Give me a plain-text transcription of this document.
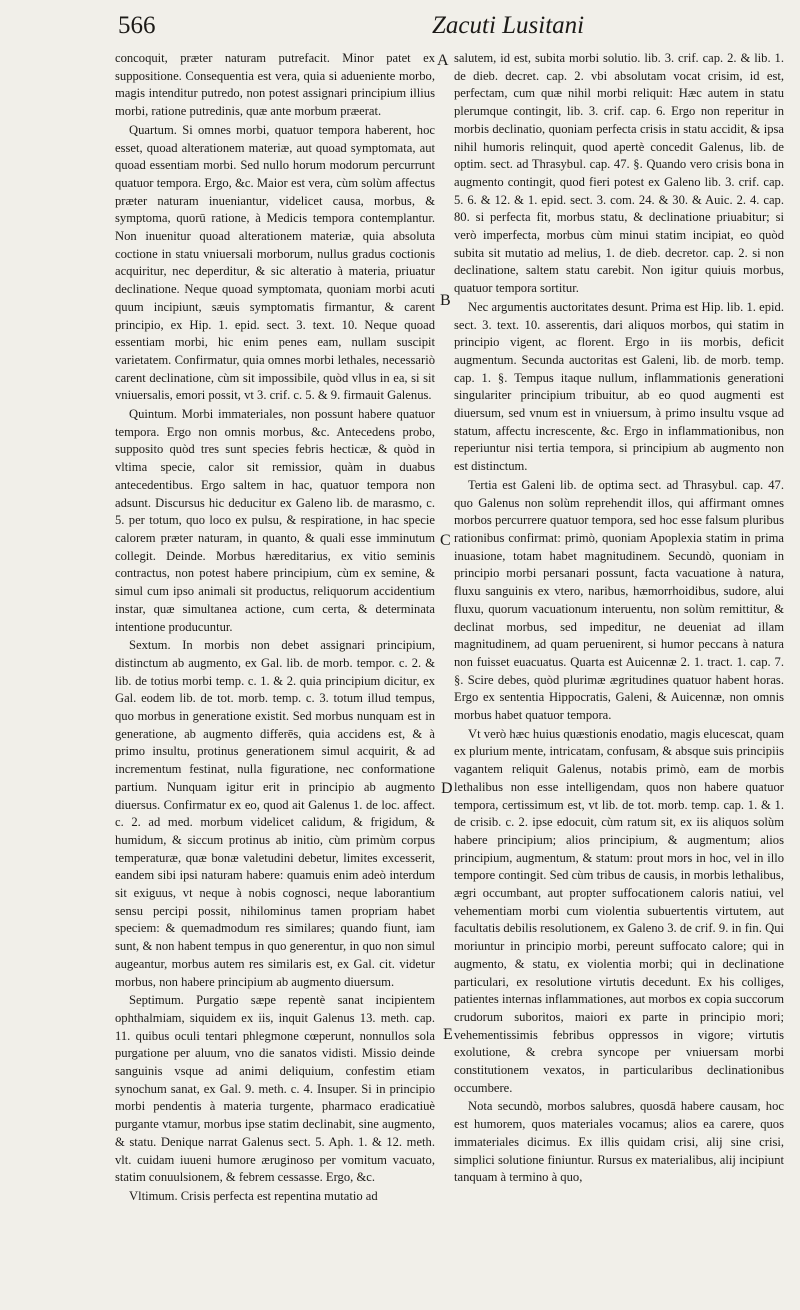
566	Zacuti Lusitani

concoquit, præter naturam putrefacit. Minor patet ex suppositione. Consequentia est vera, quia si adueniente morbo, magis intenditur putredo, non potest assignari principium illius morbi, ratione putredinis, quæ ante morbum præerat.

Quartum. Si omnes morbi, quatuor tempora haberent, hoc esset, quoad alterationem materiæ, aut quoad symptomata, aut quoad essentiam morbi. Sed nullo horum modorum percurrunt quatuor tempora. Ergo, &c. Maior est vera, cùm solùm affectus præter naturam inueniantur, videlicet causa, morbus, & symptoma, quorū ratione, à Medicis tempora contemplantur. Non inuenitur quoad alterationem materiæ, quia absoluta coctione in statu vniuersali morborum, nullus gradus coctionis acquiritur, nec deperditur, & sic alteratio à materia, priuatur declinatione. Neque quoad symptomata, quoniam morbi acuti quum incipiunt, sæuis symptomatis firmantur, & carent principio, ex Hip. 1. epid. sect. 3. text. 10. Neque quoad essentiam morbi, hic enim penes eam, nullam suscipit varietatem. Confirmatur, quia omnes morbi lethales, necessariò carent declinatione, cùm sit impossibile, quòd vllus in ea, si sit vniuersalis, emori possit, vt 3. crif. c. 5. & 9. firmauit Galenus.

Quintum. Morbi immateriales, non possunt habere quatuor tempora. Ergo non omnis morbus, &c. Antecedens probo, supposito quòd tres sunt species febris hecticæ, & quòd in vltima specie, calor sit remissior, quàm in duabus antecedentibus. Ergo saltem in hac, quatuor tempora non adsunt. Discursus hic deducitur ex Galeno lib. de marasmo, c. 5. per totum, quo loco ex pulsu, & respiratione, in hac specie calorem præter naturam, in quanto, & quali esse imminutum collegit. Deinde. Morbus hæreditarius, ex vitio seminis contractus, non potest habere principium, cùm ex semine, & simul cum ipso animali sit productus, reliquorum accidentium instar, quæ simultanea actione, cum certa, & determinata intentione producuntur.

Sextum. In morbis non debet assignari principium, distinctum ab augmento, ex Gal. lib. de morb. tempor. c. 2. & lib. de totius morbi temp. c. 1. & 2. quia principium dicitur, ex Gal. eodem lib. de tot. morb. temp. c. 3. totum illud tempus, quo morbus in generatione existit. Sed morbus nunquam est in generatione, ab augmento differēs, quia accidens est, & à primo insultu, protinus generationem simul acquirit, & ad incrementum festinat, nulla figuratione, nec conformatione partium. Nunquam igitur erit in principio ab augmento diuersus. Confirmatur ex eo, quod ait Galenus 1. de loc. affect. c. 2. ad med. morbum videlicet calidum, & frigidum, & humidum, & siccum protinus ab initio, cùm primùm corpus temperaturæ, quæ bonæ valetudini debetur, limites excesserit, eandem sibi ipsi naturam habere: quamuis enim adeò interdum sit exiguus, vt neque à nobis cognosci, neque laborantium sensu percipi possit, nihilominus tamen propriam habet speciem: & quemadmodum res similares; quando fiunt, iam sunt, & non habent tempus in quo generentur, in quo non simul augeantur, morbus autem res similaris est, ex Gal. cit. videtur morbus, non habere principium ab augmento diuersum.

Septimum. Purgatio sæpe repentè sanat incipientem ophthalmiam, siquidem ex iis, inquit Galenus 13. meth. cap. 11. quibus oculi tentari phlegmone cœperunt, nonnullos sola purgatione per aluum, vno die sanatos vidisti. Missio deinde sanguinis vsque ad animi deliquium, confestim etiam synochum sanat, ex Gal. 9. meth. c. 4. Insuper. Si in principio morbi pendentis à materia turgente, pharmaco eradicatiuè purgante vtamur, morbus ipse statim declinabit, sine augmento, & statu. Denique narrat Galenus sect. 5. Aph. 1. & 12. meth. vlt. cuidam iuueni humore æruginoso per vomitum vacuato, statim conuulsionem, & febrem cessasse. Ergo, &c.

Vltimum. Crisis perfecta est repentina mutatio ad

A
B
C
D
E

salutem, id est, subita morbi solutio. lib. 3. crif. cap. 2. & lib. 1. de dieb. decret. cap. 2. vbi absolutam vocat crisim, id est, perfectam, cum quæ nihil morbi reliquit: Hæc autem in statu plerumque contingit, lib. 3. crif. cap. 6. Ergo non reperitur in morbis declinatio, quoniam perfecta crisis in statu accidit, & ipsa nihil humoris relinquit, quod apertè concedit Galenus, lib. de optim. sect. ad Thrasybul. cap. 47. §. Quando vero crisis bona in augmento contingit, quod fieri potest ex Galeno lib. 3. crif. cap. 5. 6. & 12. & 1. epid. sect. 3. com. 24. & 30. & Auic. 2. 4. cap. 80. si perfecta fit, morbus statu, & declinatione priuabitur; si verò imperfecta, morbus cùm minui statim incipiat, eo quòd subita sit mutatio ad melius, 1. de dieb. decretor. cap. 2. si non declinatione, saltem statu carebit. Non igitur quiuis morbus, quatuor tempora sortitur.

Nec argumentis auctoritates desunt. Prima est Hip. lib. 1. epid. sect. 3. text. 10. asserentis, dari aliquos morbos, qui statim in principio vigent, ac florent. Ergo in iis morbis, deficit augmentum. Secunda auctoritas est Galeni, lib. de morb. temp. cap. 1. §. Tempus itaque nullum, inflammationis generationi singulariter principium tribuitur, ab eo quod augmenti est diuersum, sed vnum est in vniuersum, à primo insultu vsque ad statum, affectu increscente, &c. Ergo in inflammationibus, non reperiuntur nisi tertia tempora, si principium ab augmento non est distinctum.

Tertia est Galeni lib. de optima sect. ad Thrasybul. cap. 47. quo Galenus non solùm reprehendit illos, qui affirmant omnes morbos percurrere quatuor tempora, sed hoc esse falsum pluribus rationibus confirmat: primò, quoniam Apoplexia statim in prima inuasione, totam habet magnitudinem. Secundò, quoniam in principio morbi persanari possunt, facta vacuatione à natura, fluxu sanguinis ex vtero, naribus, hæmorrhoidibus, sudore, alui fluxu, quorum vacuationum interuentu, non solùm remittitur, & declinat morbus, sed impeditur, ne deueniat ad illam magnitudinem, ad quam peruenirent, si humor peccans à natura non fuisset euacuatus. Quarta est Auicennæ 2. 1. tract. 1. cap. 7. §. Scire debes, quòd plurimæ ægritudines quatuor habent horas. Ergo ex sententia Hippocratis, Galeni, & Auicennæ, non omnis morbus habet quatuor tempora.

Vt verò hæc huius quæstionis enodatio, magis elucescat, quam ex plurium mente, intricatam, confusam, & absque suis principiis vagantem reliquit Galenus, notabis primò, eam de morbis lethalibus non esse intelligendam, quos non habere quatuor tempora, certissimum est, vt lib. de tot. morb. temp. cap. 1. & 1. de crisib. c. 2. ipse edocuit, cùm ratum sit, ex iis aliquos solùm habere principium; alios principium, & augmentum; alios principium, augmentum, & statum: prout mors in hoc, vel in illo tempore contingit. Sed cùm tribus de causis, in morbis lethalibus, ægri occumbant, aut propter suffocationem caloris natiui, vel vehementiam morbi cum violentia subuertentis virtutem, aut facultatis debilis resolutionem, ex Galeno 3. de crif. 9. in fin. Qui moriuntur in principio morbi, pereunt suffocato calore; qui in augmento, & statu, ex violentia morbi; qui in declinatione particulari, ex resolutione virtutis decedunt. Ex his colliges, patientes internas inflammationes, aut morbos ex copia succorum crudorum suboritos, maiori ex parte in principio mori; vehementissimis febribus oppressos in vigore; virtutis exolutione, & crebra syncope per vniuersam morbi constitutionem vexatos, in particularibus declinationibus occumbere.

Nota secundò, morbos salubres, quosdā habere causam, hoc est humorem, quos materiales vocamus; alios ea carere, quos immateriales dicimus. Ex illis quidam crisi, alij sine crisi, simplici solutione finiuntur. Rursus ex materialibus, alij incipiunt tanquam à termino à quo,
